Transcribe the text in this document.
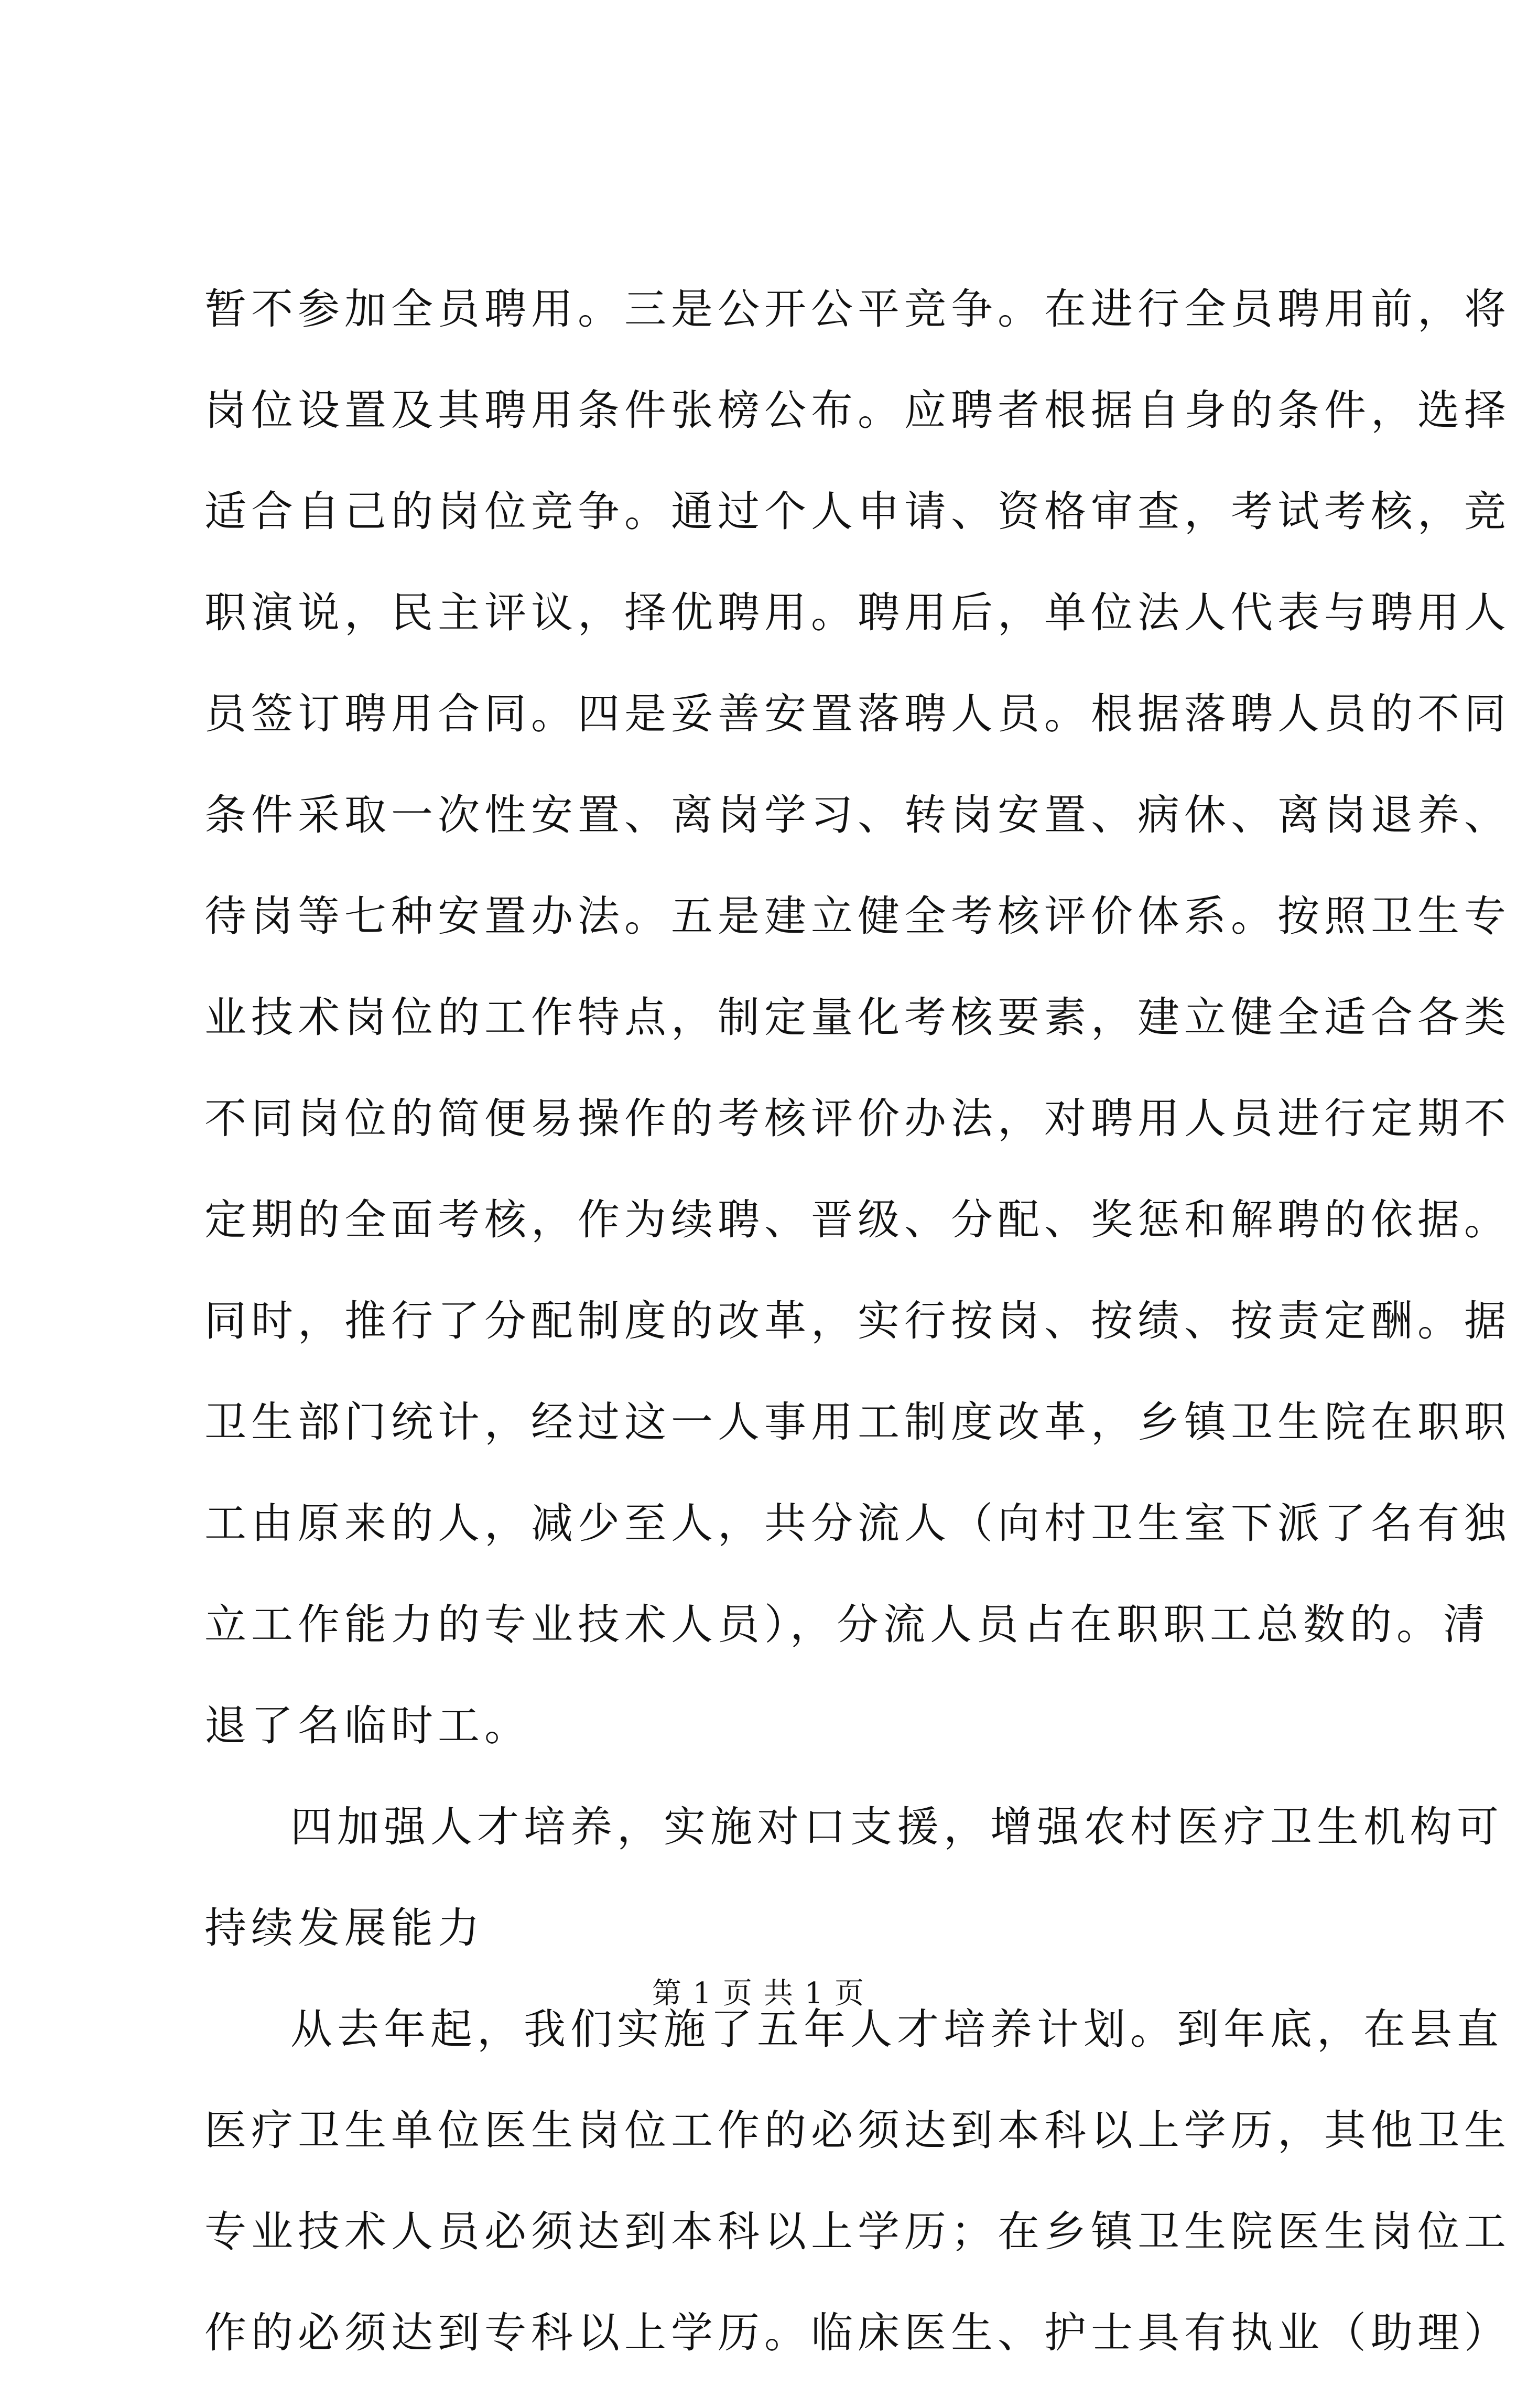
暂不参加全员聘用。三是公开公平竞争。在进行全员聘用前，将
岗位设置及其聘用条件张榜公布。应聘者根据自身的条件，选择
适合自己的岗位竞争。通过个人申请、资格审查，考试考核，竞
职演说，民主评议，择优聘用。聘用后，单位法人代表与聘用人
员签订聘用合同。四是妥善安置落聘人员。根据落聘人员的不同
条件采取一次性安置、离岗学习、转岗安置、病休、离岗退养、
待岗等七种安置办法。五是建立健全考核评价体系。按照卫生专
业技术岗位的工作特点，制定量化考核要素，建立健全适合各类
不同岗位的简便易操作的考核评价办法，对聘用人员进行定期不
定期的全面考核，作为续聘、晋级、分配、奖惩和解聘的依据。
同时，推行了分配制度的改革，实行按岗、按绩、按责定酬。据
卫生部门统计，经过这一人事用工制度改革，乡镇卫生院在职职
工由原来的人，减少至人，共分流人（向村卫生室下派了名有独
立工作能力的专业技术人员），分流人员占在职职工总数的。清
退了名临时工。
四加强人才培养，实施对口支援，增强农村医疗卫生机构可
持续发展能力
从去年起，我们实施了五年人才培养计划。到年底，在县直
医疗卫生单位医生岗位工作的必须达到本科以上学历，其他卫生
专业技术人员必须达到本科以上学历；在乡镇卫生院医生岗位工
作的必须达到专科以上学历。临床医生、护士具有执业（助理）
第 1 页 共 1 页
